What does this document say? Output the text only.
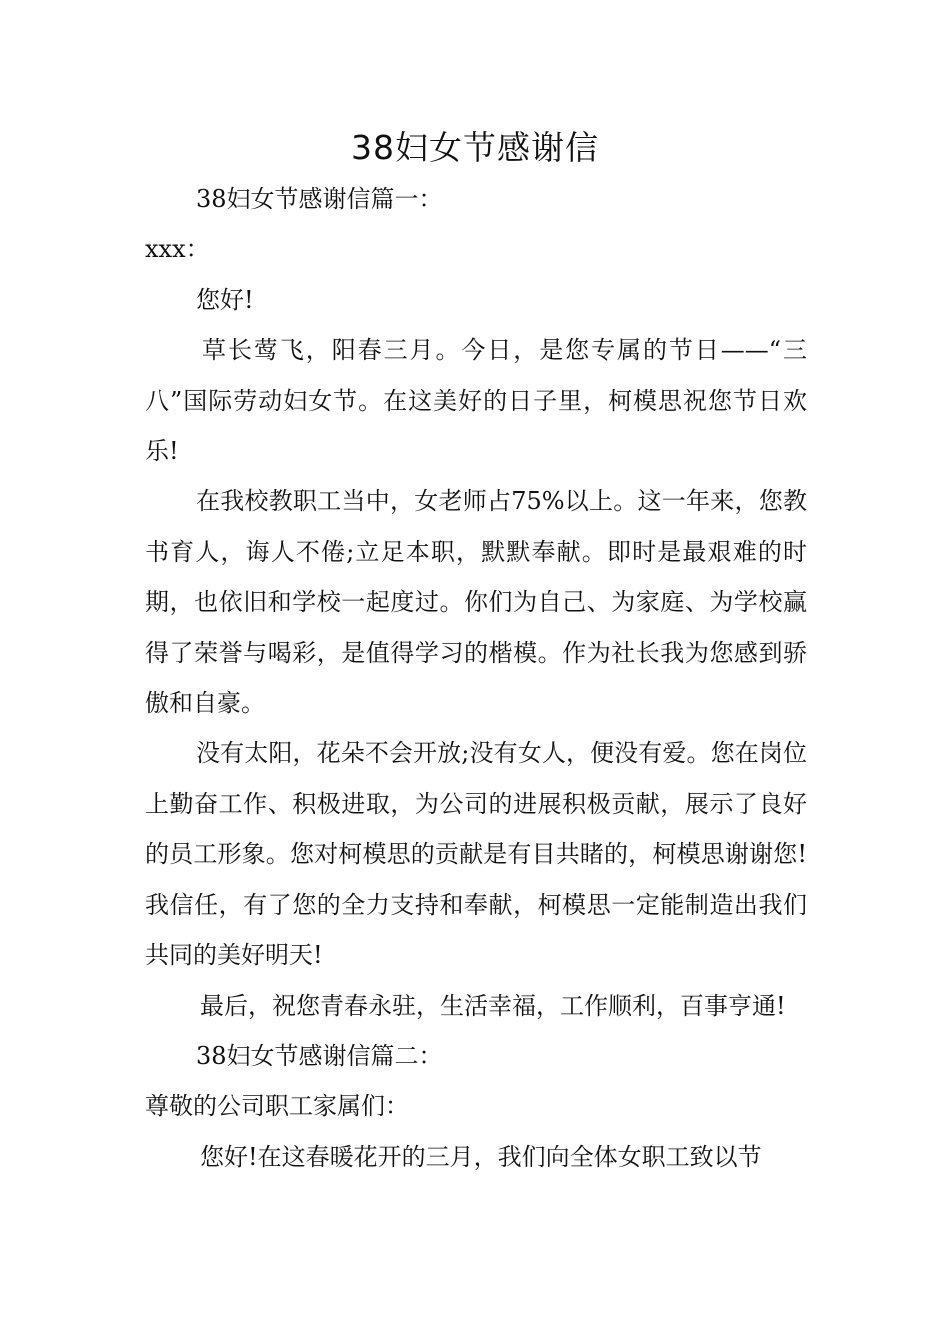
38妇女节感谢信

38妇女节感谢信篇一：

xxx：

您好!

草长莺飞，阳春三月。今日，是您专属的节日——“三八”国际劳动妇女节。在这美好的日子里，柯模思祝您节日欢乐!

在我校教职工当中，女老师占75%以上。这一年来，您教书育人，诲人不倦;立足本职，默默奉献。即时是最艰难的时期，也依旧和学校一起度过。你们为自己、为家庭、为学校赢得了荣誉与喝彩，是值得学习的楷模。作为社长我为您感到骄傲和自豪。

没有太阳，花朵不会开放;没有女人，便没有爱。您在岗位上勤奋工作、积极进取，为公司的进展积极贡献，展示了良好的员工形象。您对柯模思的贡献是有目共睹的，柯模思谢谢您!我信任，有了您的全力支持和奉献，柯模思一定能制造出我们共同的美好明天!

最后，祝您青春永驻，生活幸福，工作顺利，百事亨通!

38妇女节感谢信篇二：

尊敬的公司职工家属们：

您好!在这春暖花开的三月，我们向全体女职工致以节
